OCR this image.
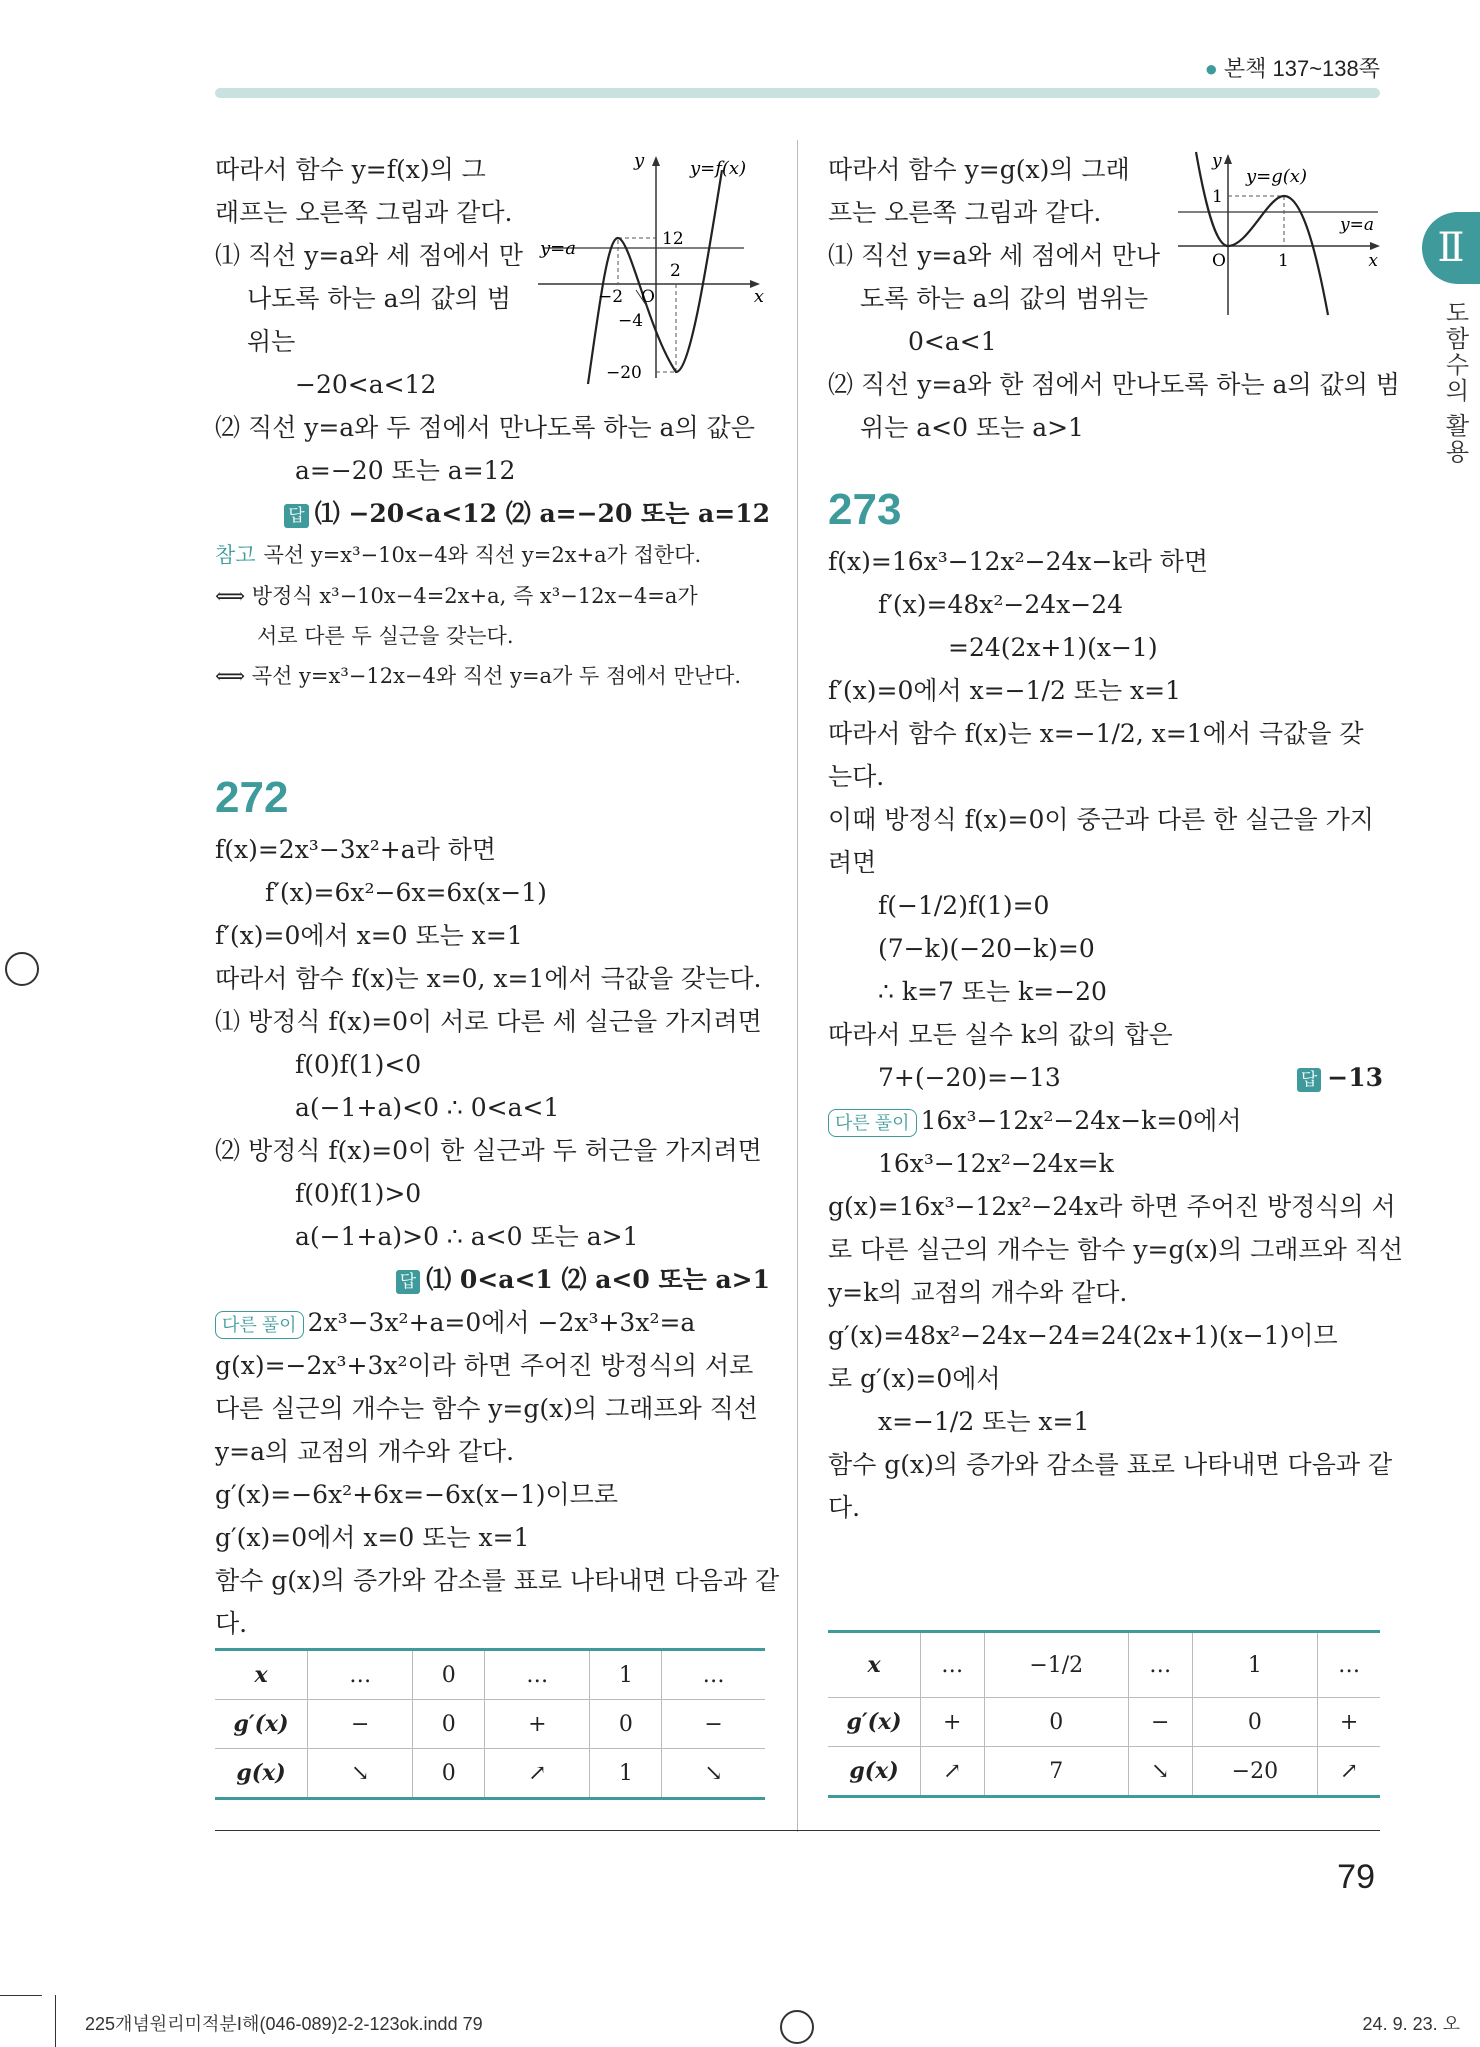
● 본책 137~138쪽
Ⅱ
도함수의 활용
따라서 함수 y=f(x)의 그
래프는 오른쪽 그림과 같다.
⑴ 직선 y=a와 세 점에서 만
나도록 하는 a의 값의 범
위는
−20<a<12
⑵ 직선 y=a와 두 점에서 만나도록 하는 a의 값은
a=−20 또는 a=12
답 ⑴ −20<a<12 ⑵ a=−20 또는 a=12
참고 곡선 y=x³−10x−4와 직선 y=2x+a가 접한다.
⟺ 방정식 x³−10x−4=2x+a, 즉 x³−12x−4=a가
서로 다른 두 실근을 갖는다.
⟺ 곡선 y=x³−12x−4와 직선 y=a가 두 점에서 만난다.
y
x
y=f(x)
y=a
O
12
−2
2
−4
−20
272
f(x)=2x³−3x²+a라 하면
f′(x)=6x²−6x=6x(x−1)
f′(x)=0에서 x=0 또는 x=1
따라서 함수 f(x)는 x=0, x=1에서 극값을 갖는다.
⑴ 방정식 f(x)=0이 서로 다른 세 실근을 가지려면
f(0)f(1)<0
a(−1+a)<0 ∴ 0<a<1
⑵ 방정식 f(x)=0이 한 실근과 두 허근을 가지려면
f(0)f(1)>0
a(−1+a)>0 ∴ a<0 또는 a>1
답 ⑴ 0<a<1 ⑵ a<0 또는 a>1
다른 풀이 2x³−3x²+a=0에서 −2x³+3x²=a
g(x)=−2x³+3x²이라 하면 주어진 방정식의 서로
다른 실근의 개수는 함수 y=g(x)의 그래프와 직선
y=a의 교점의 개수와 같다.
g′(x)=−6x²+6x=−6x(x−1)이므로
g′(x)=0에서 x=0 또는 x=1
함수 g(x)의 증가와 감소를 표로 나타내면 다음과 같
다.
x	…	0	…	1	…
g′(x)	−	0	+	0	−
g(x)	↘	0	↗	1	↘
따라서 함수 y=g(x)의 그래
프는 오른쪽 그림과 같다.
⑴ 직선 y=a와 세 점에서 만나
도록 하는 a의 값의 범위는
0<a<1
⑵ 직선 y=a와 한 점에서 만나도록 하는 a의 값의 범
위는 a<0 또는 a>1
y
x
y=g(x)
y=a
O
1
1
273
f(x)=16x³−12x²−24x−k라 하면
f′(x)=48x²−24x−24
=24(2x+1)(x−1)
f′(x)=0에서 x=−1/2 또는 x=1
따라서 함수 f(x)는 x=−1/2, x=1에서 극값을 갖
는다.
이때 방정식 f(x)=0이 중근과 다른 한 실근을 가지
려면
f(−1/2)f(1)=0
(7−k)(−20−k)=0
∴ k=7 또는 k=−20
따라서 모든 실수 k의 값의 합은
7+(−20)=−13	답 −13
다른 풀이 16x³−12x²−24x−k=0에서
16x³−12x²−24x=k
g(x)=16x³−12x²−24x라 하면 주어진 방정식의 서
로 다른 실근의 개수는 함수 y=g(x)의 그래프와 직선
y=k의 교점의 개수와 같다.
g′(x)=48x²−24x−24=24(2x+1)(x−1)이므
로 g′(x)=0에서
x=−1/2 또는 x=1
함수 g(x)의 증가와 감소를 표로 나타내면 다음과 같
다.
x	…	−1/2	…	1	…
g′(x)	+	0	−	0	+
g(x)	↗	7	↘	−20	↗
79
225개념원리미적분Ⅰ해(046-089)2-2-123ok.indd 79	24. 9. 23. 오
